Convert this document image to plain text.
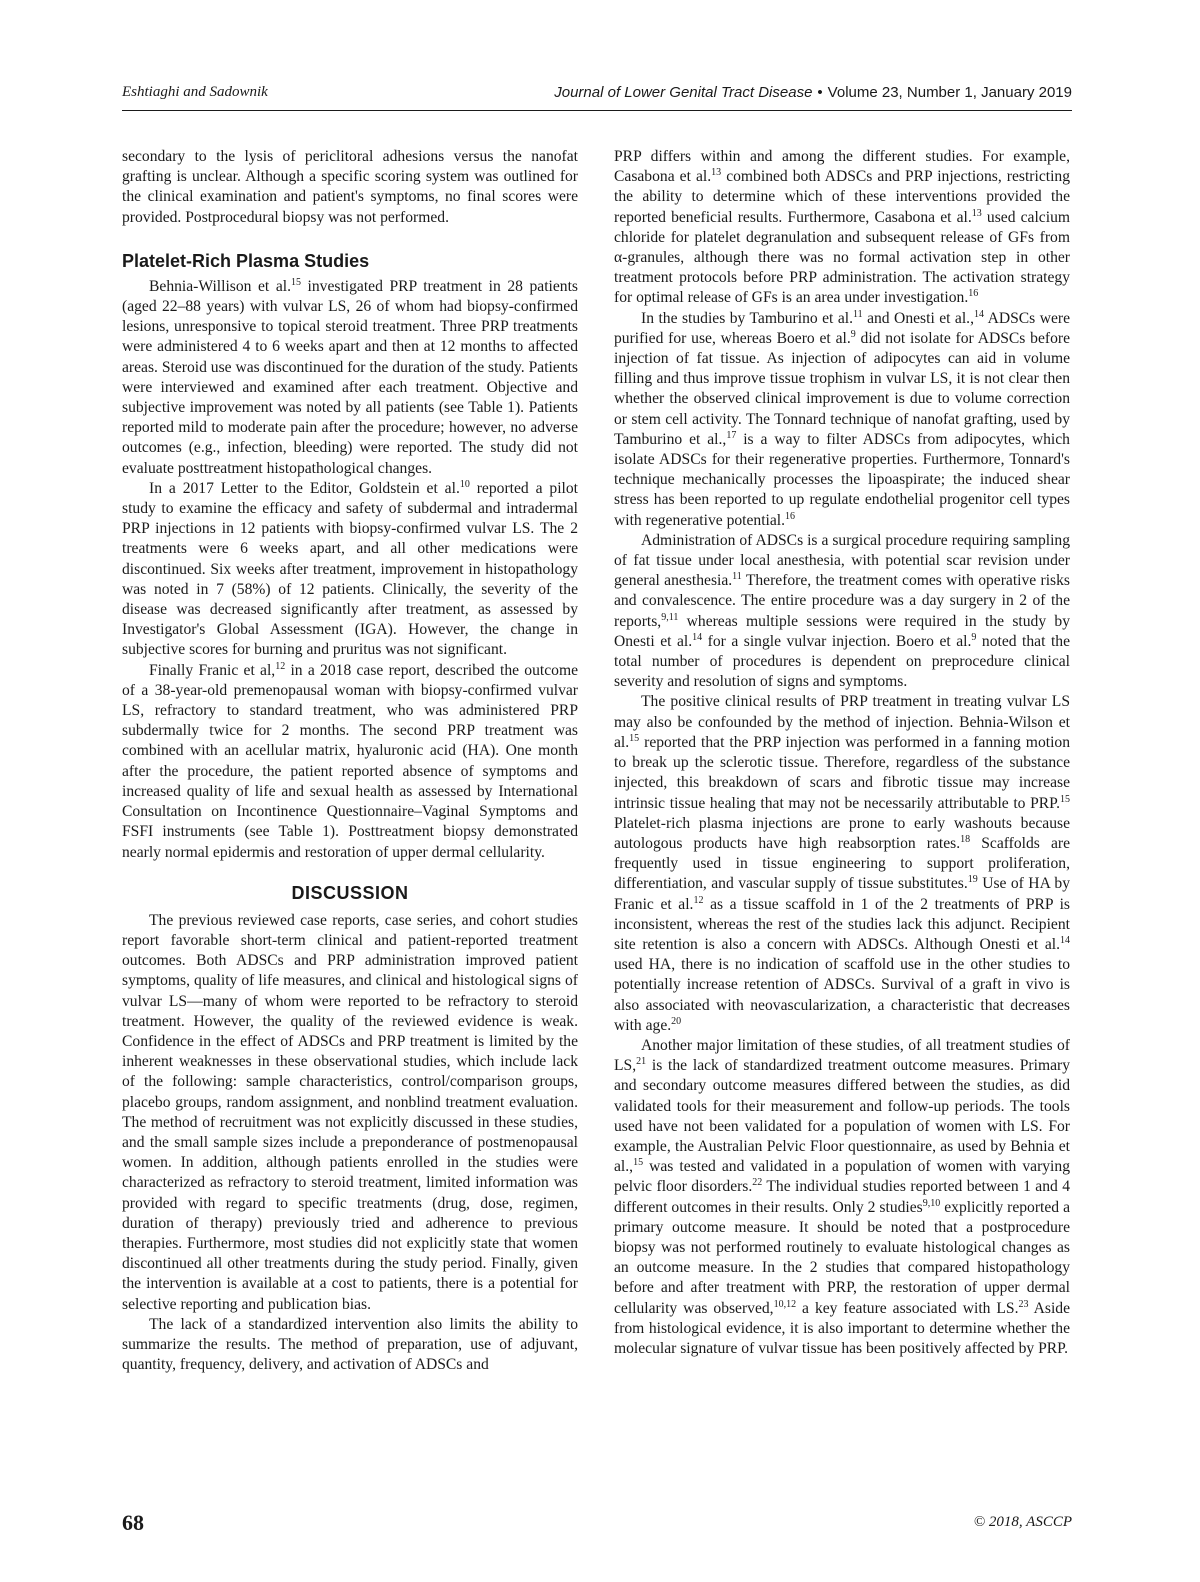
Eshtiaghi and Sadownik	Journal of Lower Genital Tract Disease • Volume 23, Number 1, January 2019

secondary to the lysis of periclitoral adhesions versus the nanofat grafting is unclear. Although a specific scoring system was outlined for the clinical examination and patient's symptoms, no final scores were provided. Postprocedural biopsy was not performed.

Platelet-Rich Plasma Studies

Behnia-Willison et al.$^{15}$ investigated PRP treatment in 28 patients (aged 22–88 years) with vulvar LS, 26 of whom had biopsy-confirmed lesions, unresponsive to topical steroid treatment. Three PRP treatments were administered 4 to 6 weeks apart and then at 12 months to affected areas. Steroid use was discontinued for the duration of the study. Patients were interviewed and examined after each treatment. Objective and subjective improvement was noted by all patients (see Table 1). Patients reported mild to moderate pain after the procedure; however, no adverse outcomes (e.g., infection, bleeding) were reported. The study did not evaluate posttreatment histopathological changes.

In a 2017 Letter to the Editor, Goldstein et al.$^{10}$ reported a pilot study to examine the efficacy and safety of subdermal and intradermal PRP injections in 12 patients with biopsy-confirmed vulvar LS. The 2 treatments were 6 weeks apart, and all other medications were discontinued. Six weeks after treatment, improvement in histopathology was noted in 7 (58%) of 12 patients. Clinically, the severity of the disease was decreased significantly after treatment, as assessed by Investigator's Global Assessment (IGA). However, the change in subjective scores for burning and pruritus was not significant.

Finally Franic et al,$^{12}$ in a 2018 case report, described the outcome of a 38-year-old premenopausal woman with biopsy-confirmed vulvar LS, refractory to standard treatment, who was administered PRP subdermally twice for 2 months. The second PRP treatment was combined with an acellular matrix, hyaluronic acid (HA). One month after the procedure, the patient reported absence of symptoms and increased quality of life and sexual health as assessed by International Consultation on Incontinence Questionnaire–Vaginal Symptoms and FSFI instruments (see Table 1). Posttreatment biopsy demonstrated nearly normal epidermis and restoration of upper dermal cellularity.

DISCUSSION

The previous reviewed case reports, case series, and cohort studies report favorable short-term clinical and patient-reported treatment outcomes. Both ADSCs and PRP administration improved patient symptoms, quality of life measures, and clinical and histological signs of vulvar LS—many of whom were reported to be refractory to steroid treatment. However, the quality of the reviewed evidence is weak. Confidence in the effect of ADSCs and PRP treatment is limited by the inherent weaknesses in these observational studies, which include lack of the following: sample characteristics, control/comparison groups, placebo groups, random assignment, and nonblind treatment evaluation. The method of recruitment was not explicitly discussed in these studies, and the small sample sizes include a preponderance of postmenopausal women. In addition, although patients enrolled in the studies were characterized as refractory to steroid treatment, limited information was provided with regard to specific treatments (drug, dose, regimen, duration of therapy) previously tried and adherence to previous therapies. Furthermore, most studies did not explicitly state that women discontinued all other treatments during the study period. Finally, given the intervention is available at a cost to patients, there is a potential for selective reporting and publication bias.

The lack of a standardized intervention also limits the ability to summarize the results. The method of preparation, use of adjuvant, quantity, frequency, delivery, and activation of ADSCs and

PRP differs within and among the different studies. For example, Casabona et al.$^{13}$ combined both ADSCs and PRP injections, restricting the ability to determine which of these interventions provided the reported beneficial results. Furthermore, Casabona et al.$^{13}$ used calcium chloride for platelet degranulation and subsequent release of GFs from α-granules, although there was no formal activation step in other treatment protocols before PRP administration. The activation strategy for optimal release of GFs is an area under investigation.$^{16}$

In the studies by Tamburino et al.$^{11}$ and Onesti et al.,$^{14}$ ADSCs were purified for use, whereas Boero et al.$^9$ did not isolate for ADSCs before injection of fat tissue. As injection of adipocytes can aid in volume filling and thus improve tissue trophism in vulvar LS, it is not clear then whether the observed clinical improvement is due to volume correction or stem cell activity. The Tonnard technique of nanofat grafting, used by Tamburino et al.,$^{17}$ is a way to filter ADSCs from adipocytes, which isolate ADSCs for their regenerative properties. Furthermore, Tonnard's technique mechanically processes the lipoaspirate; the induced shear stress has been reported to up regulate endothelial progenitor cell types with regenerative potential.$^{16}$

Administration of ADSCs is a surgical procedure requiring sampling of fat tissue under local anesthesia, with potential scar revision under general anesthesia.$^{11}$ Therefore, the treatment comes with operative risks and convalescence. The entire procedure was a day surgery in 2 of the reports,$^{9,11}$ whereas multiple sessions were required in the study by Onesti et al.$^{14}$ for a single vulvar injection. Boero et al.$^9$ noted that the total number of procedures is dependent on preprocedure clinical severity and resolution of signs and symptoms.

The positive clinical results of PRP treatment in treating vulvar LS may also be confounded by the method of injection. Behnia-Wilson et al.$^{15}$ reported that the PRP injection was performed in a fanning motion to break up the sclerotic tissue. Therefore, regardless of the substance injected, this breakdown of scars and fibrotic tissue may increase intrinsic tissue healing that may not be necessarily attributable to PRP.$^{15}$ Platelet-rich plasma injections are prone to early washouts because autologous products have high reabsorption rates.$^{18}$ Scaffolds are frequently used in tissue engineering to support proliferation, differentiation, and vascular supply of tissue substitutes.$^{19}$ Use of HA by Franic et al.$^{12}$ as a tissue scaffold in 1 of the 2 treatments of PRP is inconsistent, whereas the rest of the studies lack this adjunct. Recipient site retention is also a concern with ADSCs. Although Onesti et al.$^{14}$ used HA, there is no indication of scaffold use in the other studies to potentially increase retention of ADSCs. Survival of a graft in vivo is also associated with neovascularization, a characteristic that decreases with age.$^{20}$

Another major limitation of these studies, of all treatment studies of LS,$^{21}$ is the lack of standardized treatment outcome measures. Primary and secondary outcome measures differed between the studies, as did validated tools for their measurement and follow-up periods. The tools used have not been validated for a population of women with LS. For example, the Australian Pelvic Floor questionnaire, as used by Behnia et al.,$^{15}$ was tested and validated in a population of women with varying pelvic floor disorders.$^{22}$ The individual studies reported between 1 and 4 different outcomes in their results. Only 2 studies$^{9,10}$ explicitly reported a primary outcome measure. It should be noted that a postprocedure biopsy was not performed routinely to evaluate histological changes as an outcome measure. In the 2 studies that compared histopathology before and after treatment with PRP, the restoration of upper dermal cellularity was observed,$^{10,12}$ a key feature associated with LS.$^{23}$ Aside from histological evidence, it is also important to determine whether the molecular signature of vulvar tissue has been positively affected by PRP.

68	© 2018, ASCCP
